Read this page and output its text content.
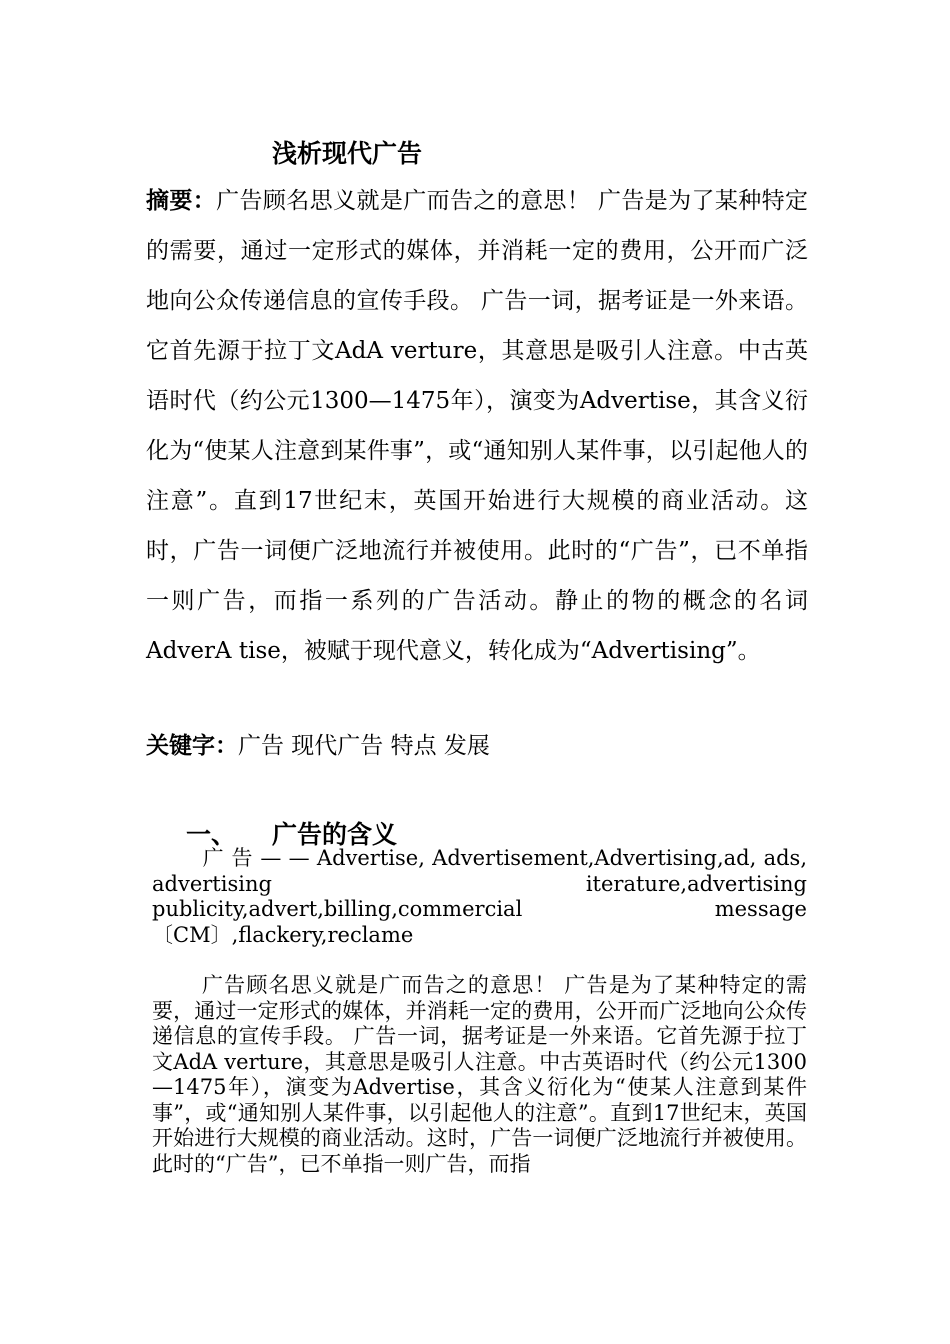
浅析现代广告

摘要：广告顾名思义就是广而告之的意思！ 广告是为了某种特定的需要，通过一定形式的媒体，并消耗一定的费用，公开而广泛地向公众传递信息的宣传手段。 广告一词，据考证是一外来语。它首先源于拉丁文AdA verture，其意思是吸引人注意。中古英语时代（约公元1300—1475年），演变为Advertise，其含义衍化为“使某人注意到某件事”，或“通知别人某件事，以引起他人的注意”。直到17世纪末，英国开始进行大规模的商业活动。这时，广告一词便广泛地流行并被使用。此时的“广告”，已不单指一则广告，而指一系列的广告活动。静止的物的概念的名词AdverA tise，被赋于现代意义，转化成为“Advertising”。

关键字：广告 现代广告 特点 发展

一、 广告的含义

广 告 — — Advertise, Advertisement,Advertising,ad, ads, advertising iterature,advertising publicity,advert,billing,commercial message〔CM〕,flackery,reclame

广告顾名思义就是广而告之的意思！ 广告是为了某种特定的需要，通过一定形式的媒体，并消耗一定的费用，公开而广泛地向公众传递信息的宣传手段。 广告一词，据考证是一外来语。它首先源于拉丁文AdA verture，其意思是吸引人注意。中古英语时代（约公元1300—1475年），演变为Advertise，其含义衍化为“使某人注意到某件事”，或“通知别人某件事，以引起他人的注意”。直到17世纪末，英国开始进行大规模的商业活动。这时，广告一词便广泛地流行并被使用。此时的“广告”，已不单指一则广告，而指
